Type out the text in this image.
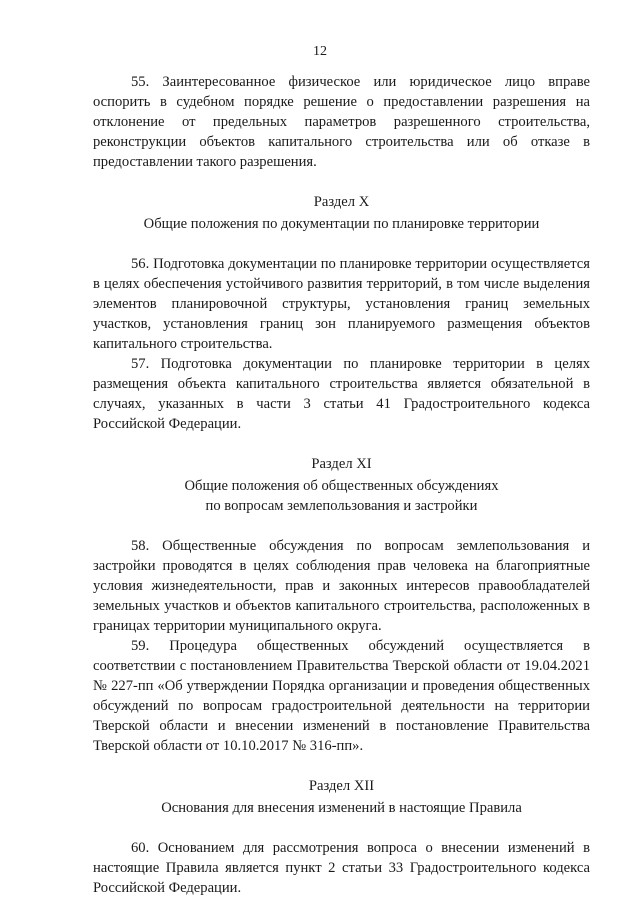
12

55. Заинтересованное физическое или юридическое лицо вправе оспорить в судебном порядке решение о предоставлении разрешения на отклонение от предельных параметров разрешенного строительства, реконструкции объектов капитального строительства или об отказе в предоставлении такого разрешения.

Раздел X
Общие положения по документации по планировке территории

56. Подготовка документации по планировке территории осуществляется в целях обеспечения устойчивого развития территорий, в том числе выделения элементов планировочной структуры, установления границ земельных участков, установления границ зон планируемого размещения объектов капитального строительства.

57. Подготовка документации по планировке территории в целях размещения объекта капитального строительства является обязательной в случаях, указанных в части 3 статьи 41 Градостроительного кодекса Российской Федерации.

Раздел XI
Общие положения об общественных обсуждениях
по вопросам землепользования и застройки

58. Общественные обсуждения по вопросам землепользования и застройки проводятся в целях соблюдения прав человека на благоприятные условия жизнедеятельности, прав и законных интересов правообладателей земельных участков и объектов капитального строительства, расположенных в границах территории муниципального округа.

59. Процедура общественных обсуждений осуществляется в соответствии с постановлением Правительства Тверской области от 19.04.2021 № 227-пп «Об утверждении Порядка организации и проведения общественных обсуждений по вопросам градостроительной деятельности на территории Тверской области и внесении изменений в постановление Правительства Тверской области от 10.10.2017 № 316-пп».

Раздел XII
Основания для внесения изменений в настоящие Правила

60. Основанием для рассмотрения вопроса о внесении изменений в настоящие Правила является пункт 2 статьи 33 Градостроительного кодекса Российской Федерации.
